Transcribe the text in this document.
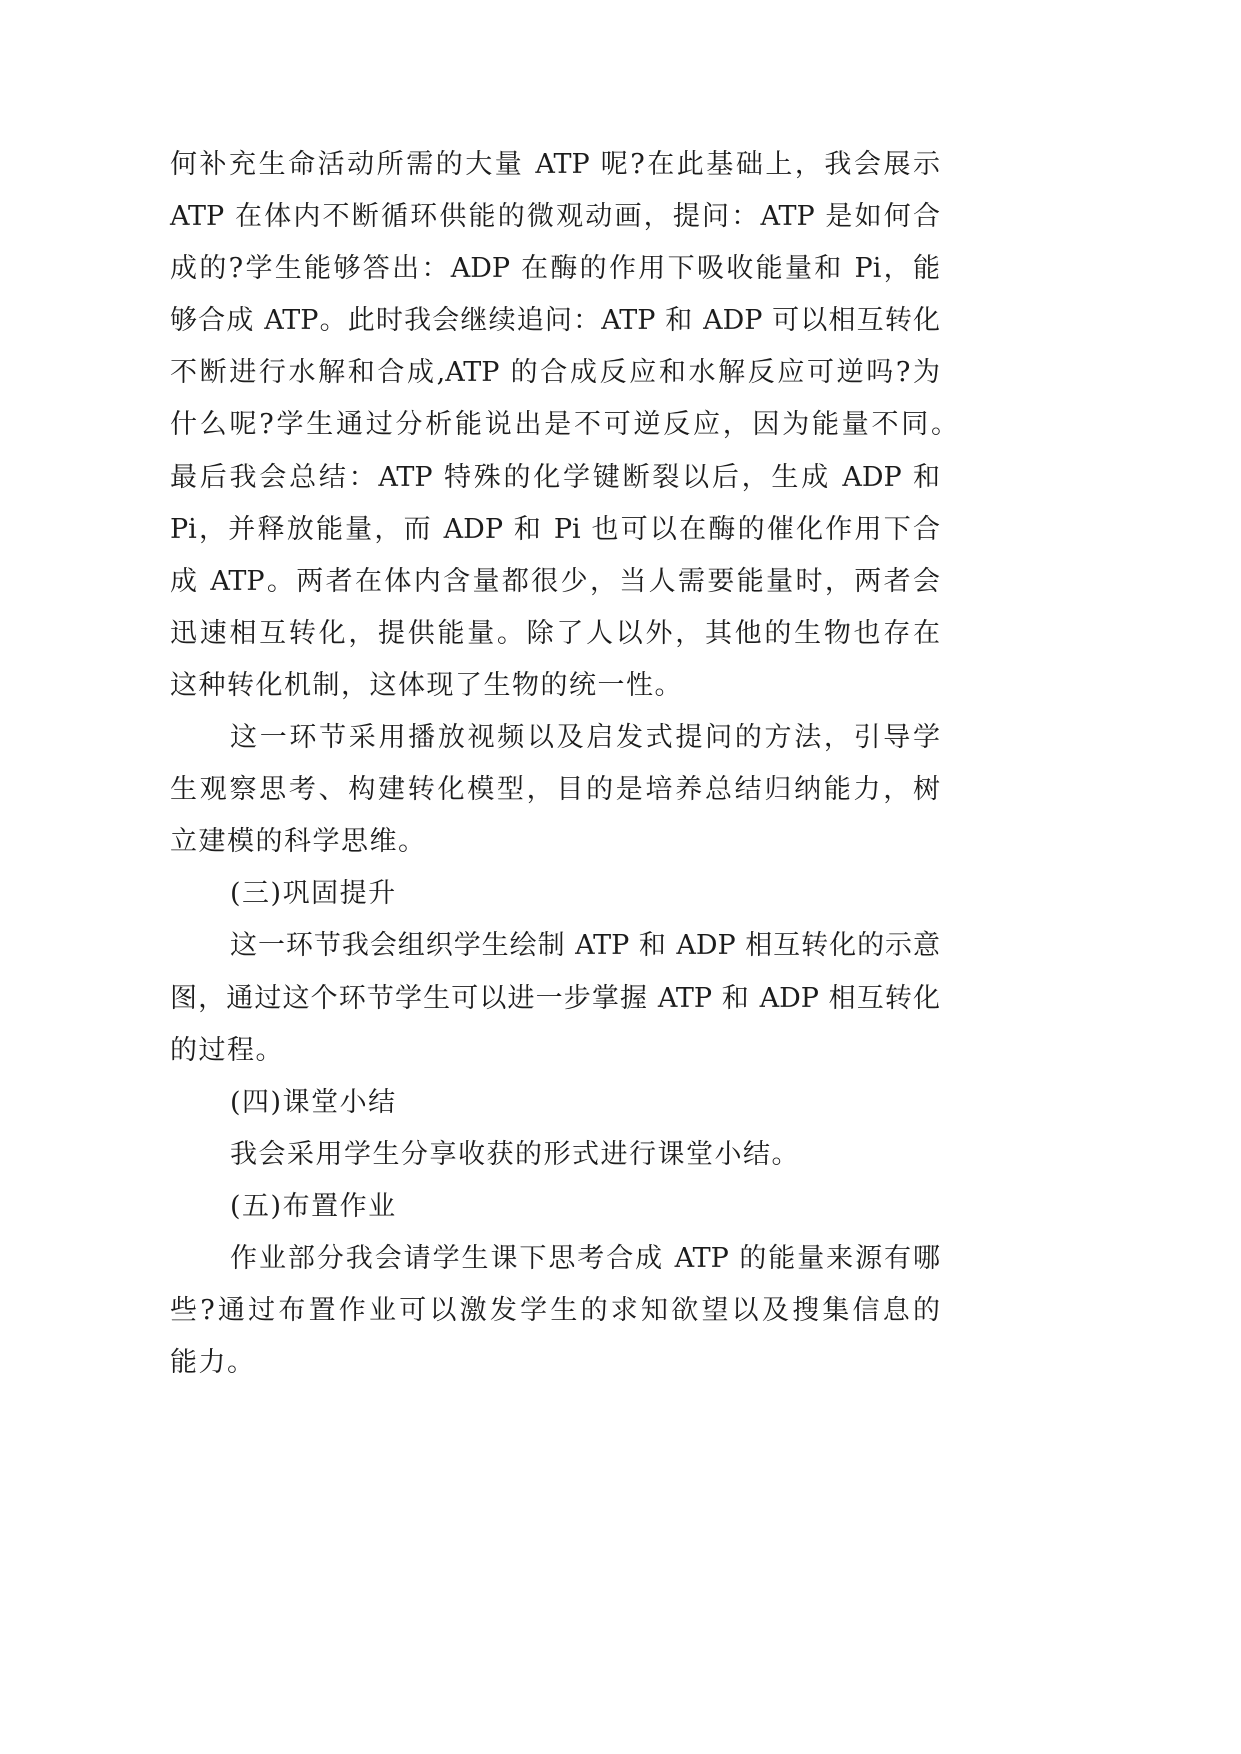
何补充生命活动所需的大量 ATP 呢?在此基础上，我会展示
ATP 在体内不断循环供能的微观动画，提问：ATP 是如何合
成的?学生能够答出：ADP 在酶的作用下吸收能量和 Pi，能
够合成 ATP。此时我会继续追问：ATP 和 ADP 可以相互转化
不断进行水解和合成,ATP 的合成反应和水解反应可逆吗?为
什么呢?学生通过分析能说出是不可逆反应，因为能量不同。
最后我会总结：ATP 特殊的化学键断裂以后，生成 ADP 和
Pi，并释放能量，而 ADP 和 Pi 也可以在酶的催化作用下合
成 ATP。两者在体内含量都很少，当人需要能量时，两者会
迅速相互转化，提供能量。除了人以外，其他的生物也存在
这种转化机制，这体现了生物的统一性。
这一环节采用播放视频以及启发式提问的方法，引导学
生观察思考、构建转化模型，目的是培养总结归纳能力，树
立建模的科学思维。
(三)巩固提升
这一环节我会组织学生绘制 ATP 和 ADP 相互转化的示意
图，通过这个环节学生可以进一步掌握 ATP 和 ADP 相互转化
的过程。
(四)课堂小结
我会采用学生分享收获的形式进行课堂小结。
(五)布置作业
作业部分我会请学生课下思考合成 ATP 的能量来源有哪
些?通过布置作业可以激发学生的求知欲望以及搜集信息的
能力。
